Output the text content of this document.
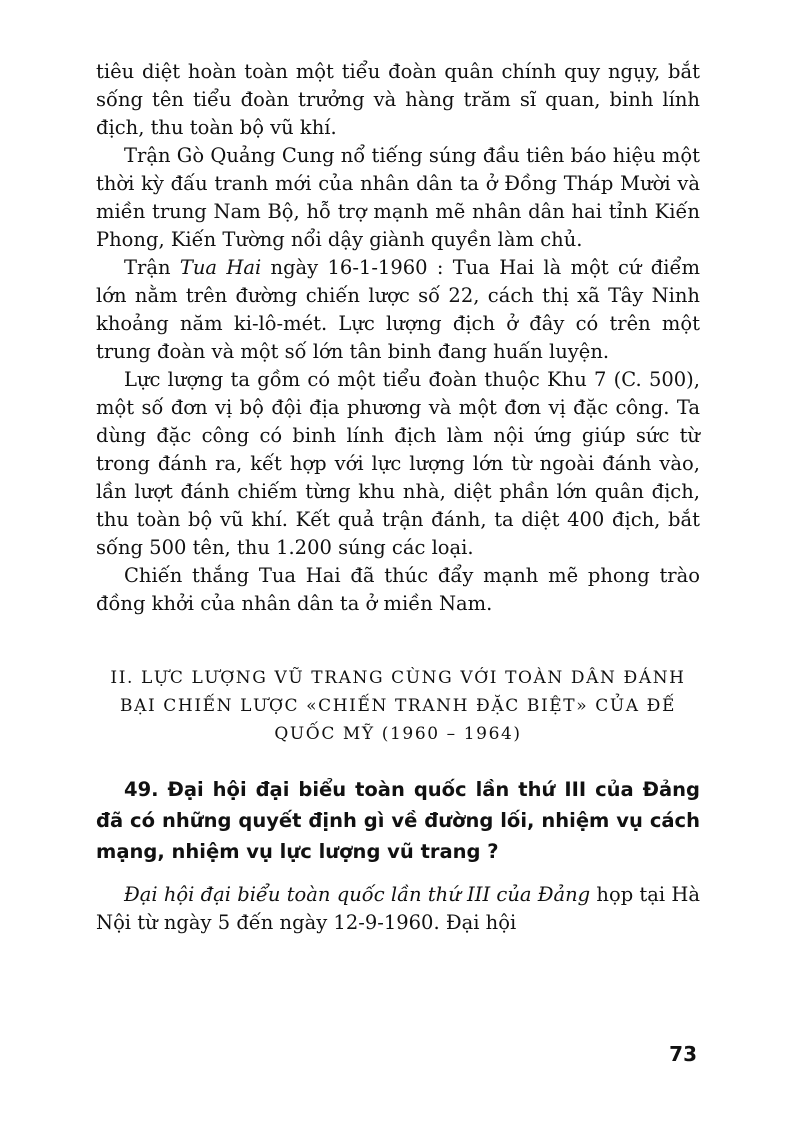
tiêu diệt hoàn toàn một tiểu đoàn quân chính quy ngụy, bắt sống tên tiểu đoàn trưởng và hàng trăm sĩ quan, binh lính địch, thu toàn bộ vũ khí.

Trận Gò Quảng Cung nổ tiếng súng đầu tiên báo hiệu một thời kỳ đấu tranh mới của nhân dân ta ở Đồng Tháp Mười và miền trung Nam Bộ, hỗ trợ mạnh mẽ nhân dân hai tỉnh Kiến Phong, Kiến Tường nổi dậy giành quyền làm chủ.

Trận Tua Hai ngày 16-1-1960 : Tua Hai là một cứ điểm lớn nằm trên đường chiến lược số 22, cách thị xã Tây Ninh khoảng năm ki-lô-mét. Lực lượng địch ở đây có trên một trung đoàn và một số lớn tân binh đang huấn luyện.

Lực lượng ta gồm có một tiểu đoàn thuộc Khu 7 (C. 500), một số đơn vị bộ đội địa phương và một đơn vị đặc công. Ta dùng đặc công có binh lính địch làm nội ứng giúp sức từ trong đánh ra, kết hợp với lực lượng lớn từ ngoài đánh vào, lần lượt đánh chiếm từng khu nhà, diệt phần lớn quân địch, thu toàn bộ vũ khí. Kết quả trận đánh, ta diệt 400 địch, bắt sống 500 tên, thu 1.200 súng các loại.

Chiến thắng Tua Hai đã thúc đẩy mạnh mẽ phong trào đồng khởi của nhân dân ta ở miền Nam.

II. LỰC LƯỢNG VŨ TRANG CÙNG VỚI TOÀN DÂN ĐÁNH BẠI CHIẾN LƯỢC «CHIẾN TRANH ĐẶC BIỆT» CỦA ĐẾ QUỐC MỸ (1960 – 1964)

49. Đại hội đại biểu toàn quốc lần thứ III của Đảng đã có những quyết định gì về đường lối, nhiệm vụ cách mạng, nhiệm vụ lực lượng vũ trang ?

Đại hội đại biểu toàn quốc lần thứ III của Đảng họp tại Hà Nội từ ngày 5 đến ngày 12-9-1960. Đại hội

73
